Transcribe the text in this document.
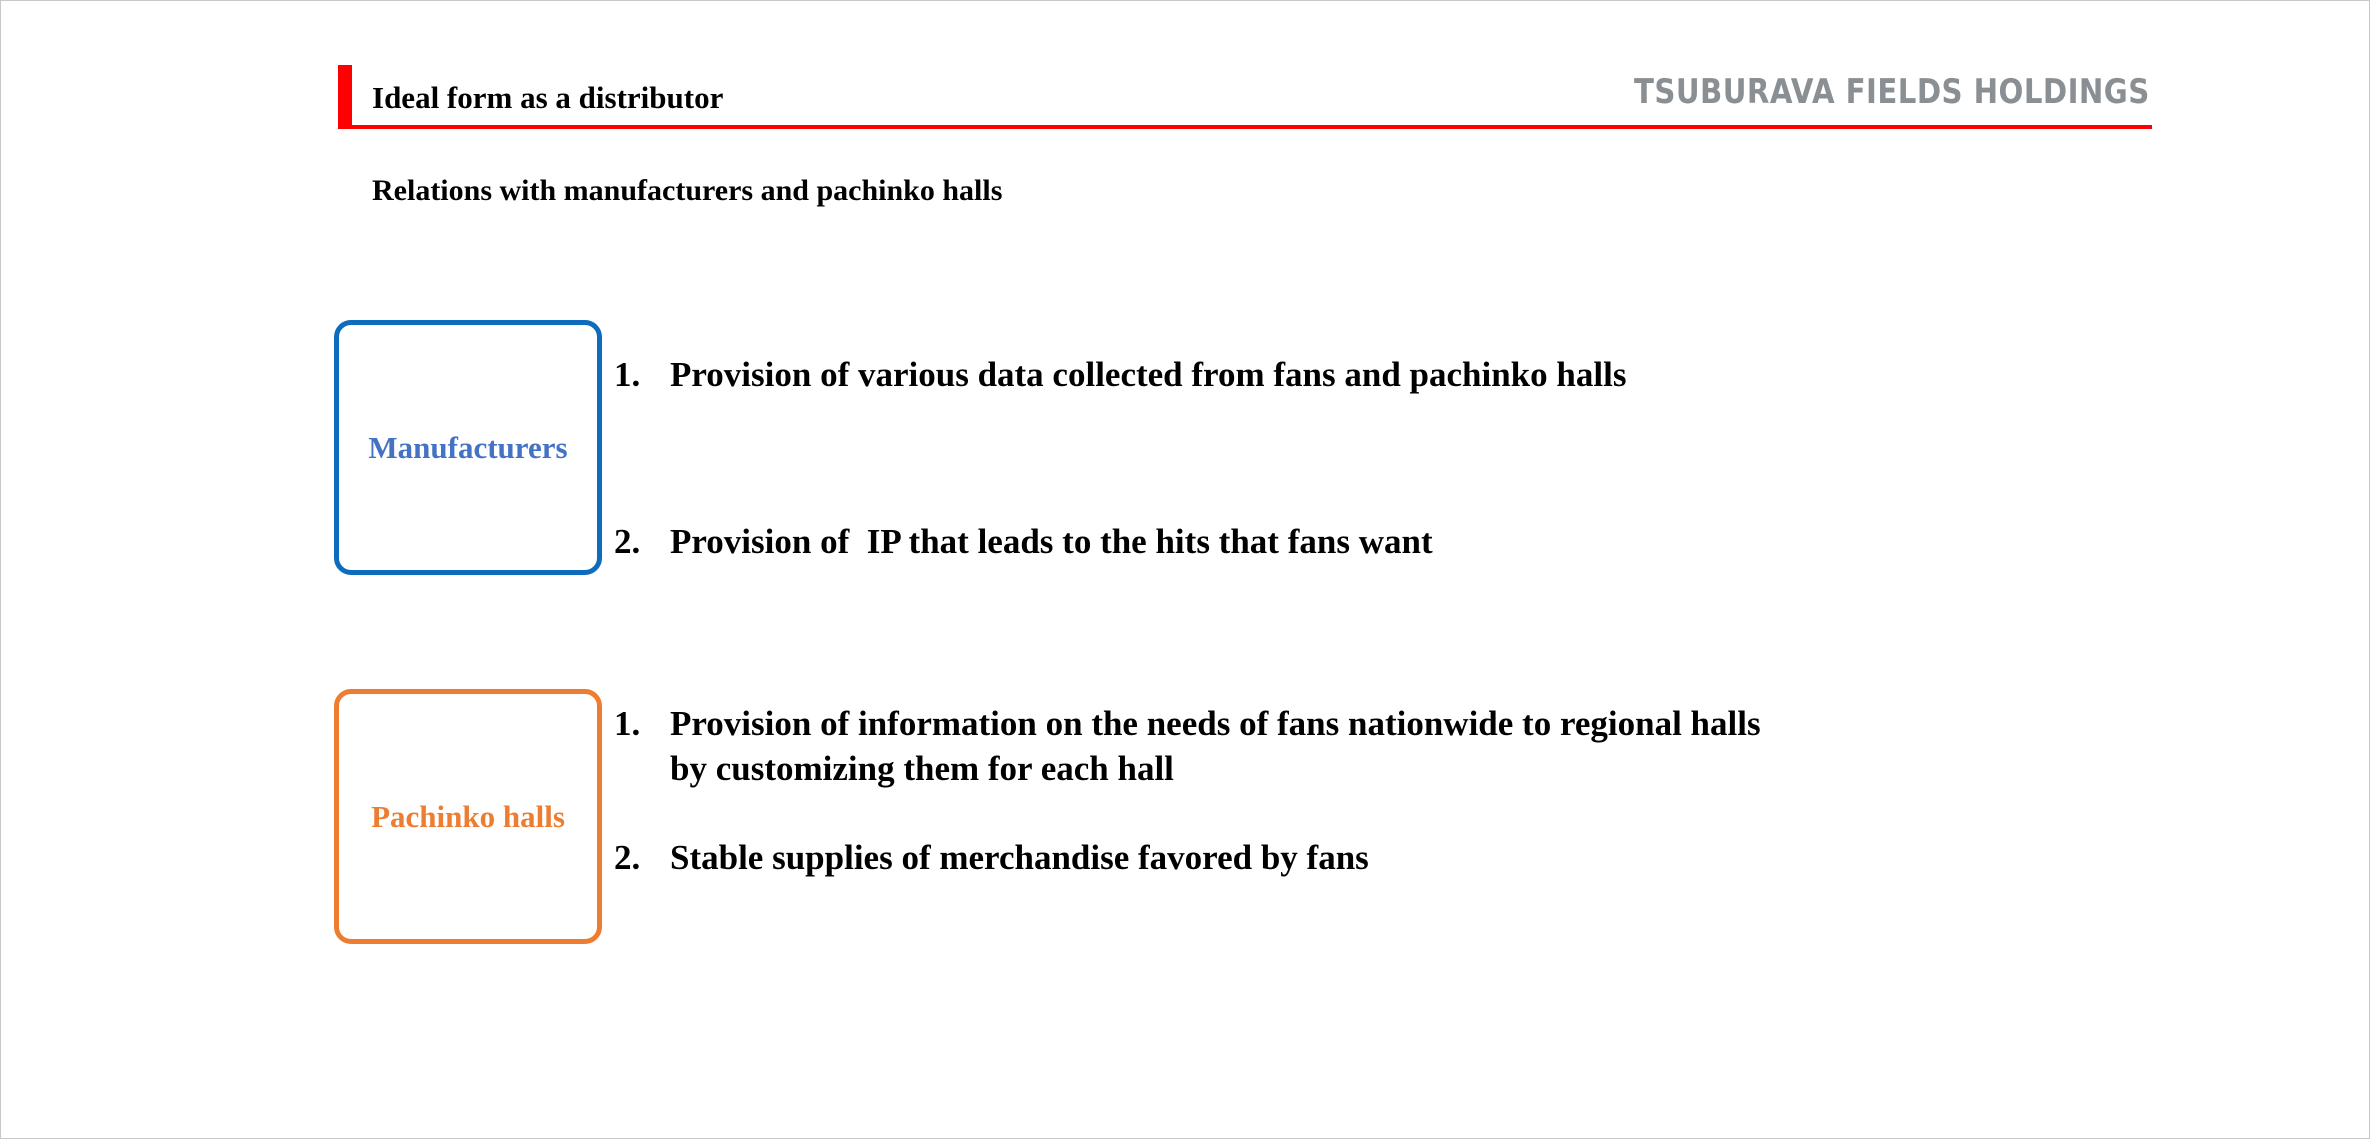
Ideal form as a distributor	TSUBURAVA FIELDS HOLDINGS
Relations with manufacturers and pachinko halls
Manufacturers
1. Provision of various data collected from fans and pachinko halls
2. Provision of  IP that leads to the hits that fans want
Pachinko halls
1. Provision of information on the needs of fans nationwide to regional halls
by customizing them for each hall
2. Stable supplies of merchandise favored by fans
